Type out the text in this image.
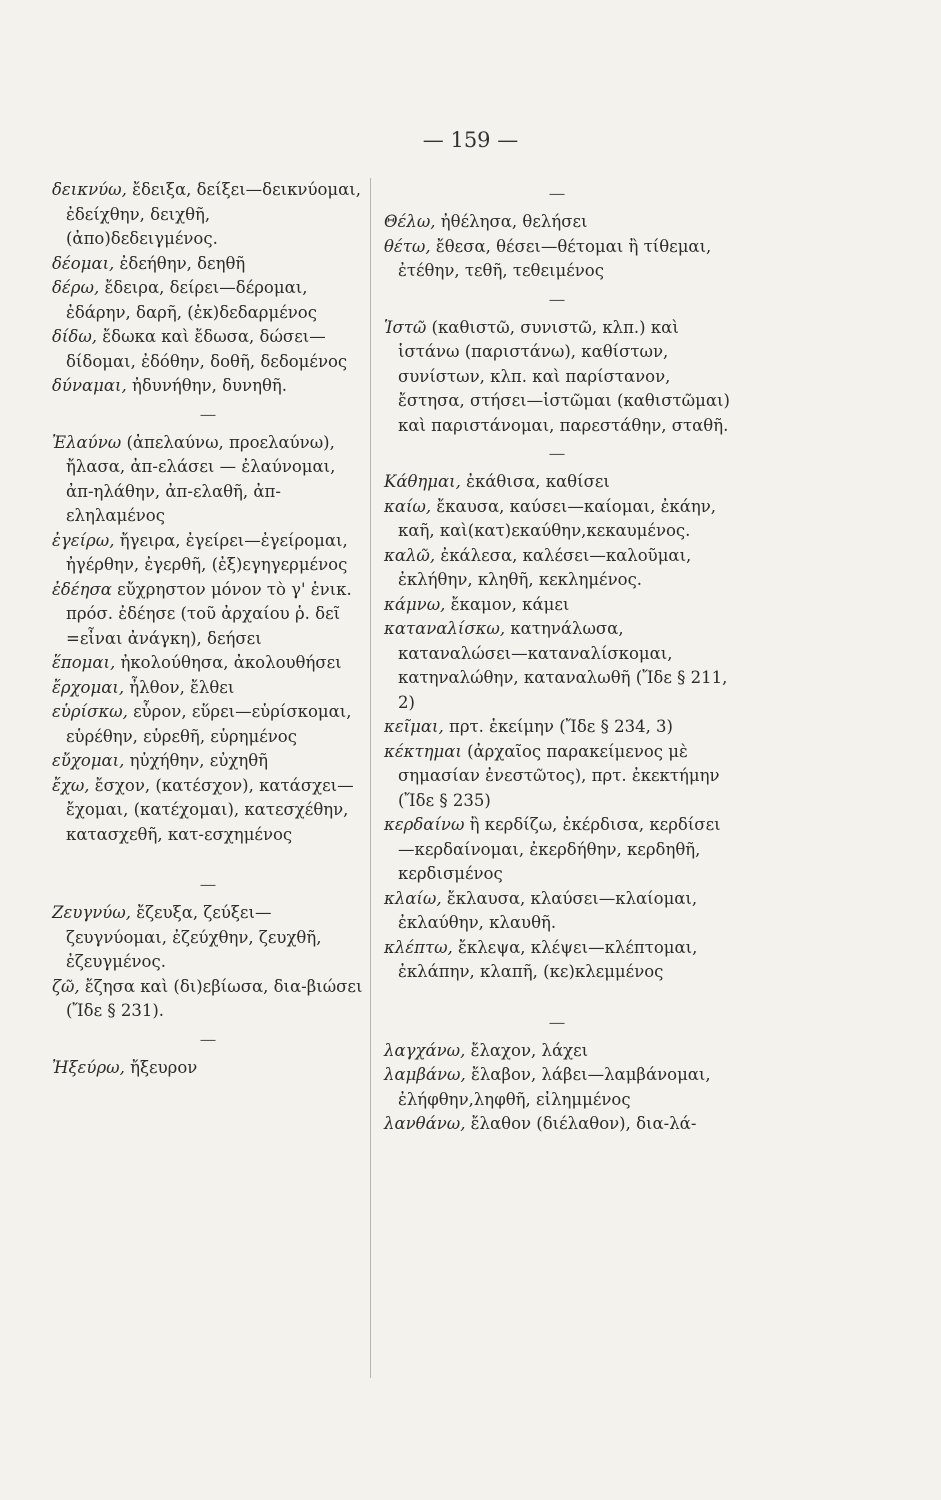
— 159 —
δεικνύω, ἔδειξα, δείξει—δεικνύομαι, ἐδείχθην, δειχθῆ, (ἀπο)δεδειγμένος.
δέομαι, ἐδεήθην, δεηθῆ
δέρω, ἔδειρα, δείρει—δέρομαι, ἐδάρην, δαρῆ, (ἐκ)δεδαρμένος
δίδω, ἔδωκα καὶ ἔδωσα, δώσει—δίδομαι, ἐδόθην, δοθῆ, δεδομένος
δύναμαι, ἠδυνήθην, δυνηθῆ.
—
Ἐλαύνω (ἀπελαύνω, προελαύνω), ἤλασα, ἀπ-ελάσει — ἐλαύνομαι, ἀπ-ηλάθην, ἀπ-ελαθῆ, ἀπ-εληλαμένος
ἐγείρω, ἤγειρα, ἐγείρει—ἐγείρομαι, ἠγέρθην, ἐγερθῆ, (ἐξ)εγηγερμένος
ἐδέησα εὔχρηστον μόνον τὸ γ' ἑνικ. πρόσ. ἐδέησε (τοῦ ἀρχαίου ῥ. δεῖ =εἶναι ἀνάγκη), δεήσει
ἕπομαι, ἠκολούθησα, ἀκολουθήσει
ἔρχομαι, ἦλθον, ἔλθει
εὑρίσκω, εὗρον, εὕρει—εὑρίσκομαι, εὑρέθην, εὑρεθῆ, εὑρημένος
εὔχομαι, ηὐχήθην, εὐχηθῆ
ἔχω, ἔσχον, (κατέσχον), κατάσχει—ἔχομαι, (κατέχομαι), κατεσχέθην, κατασχεθῆ, κατ-εσχημένος
—
Ζευγνύω, ἔζευξα, ζεύξει—ζευγνύομαι, ἐζεύχθην, ζευχθῆ, ἐζευγμένος.
ζῶ, ἔζησα καὶ (δι)εβίωσα, δια-βιώσει (Ἴδε § 231).
—
Ἠξεύρω, ἤξευρον
—
Θέλω, ἠθέλησα, θελήσει
θέτω, ἔθεσα, θέσει—θέτομαι ἢ τίθεμαι, ἐτέθην, τεθῆ, τεθειμένος
—
Ἱστῶ (καθιστῶ, συνιστῶ, κλπ.) καὶ ἱστάνω (παριστάνω), καθίστων, συνίστων, κλπ. καὶ παρίστανον, ἔστησα, στήσει—ἱστῶμαι (καθιστῶμαι) καὶ παριστάνομαι, παρεστάθην, σταθῆ.
—
Κάθημαι, ἐκάθισα, καθίσει
καίω, ἔκαυσα, καύσει—καίομαι, ἐκάην, καῆ, καὶ(κατ)εκαύθην,κεκαυμένος.
καλῶ, ἐκάλεσα, καλέσει—καλοῦμαι, ἐκλήθην, κληθῆ, κεκλημένος.
κάμνω, ἔκαμον, κάμει
καταναλίσκω, κατηνάλωσα, καταναλώσει—καταναλίσκομαι, κατηναλώθην, καταναλωθῆ (Ἴδε § 211, 2)
κεῖμαι, πρτ. ἐκείμην (Ἴδε § 234, 3)
κέκτημαι (ἀρχαῖος παρακείμενος μὲ σημασίαν ἐνεστῶτος), πρτ. ἐκεκτήμην (Ἴδε § 235)
κερδαίνω ἢ κερδίζω, ἐκέρδισα, κερδίσει—κερδαίνομαι, ἐκερδήθην, κερδηθῆ, κερδισμένος
κλαίω, ἔκλαυσα, κλαύσει—κλαίομαι, ἐκλαύθην, κλαυθῆ.
κλέπτω, ἔκλεψα, κλέψει—κλέπτομαι, ἐκλάπην, κλαπῆ, (κε)κλεμμένος
—
λαγχάνω, ἔλαχον, λάχει
λαμβάνω, ἔλαβον, λάβει—λαμβάνομαι, ἐλήφθην,ληφθῆ, εἰλημμένος
λανθάνω, ἔλαθον (διέλαθον), δια-λά-
